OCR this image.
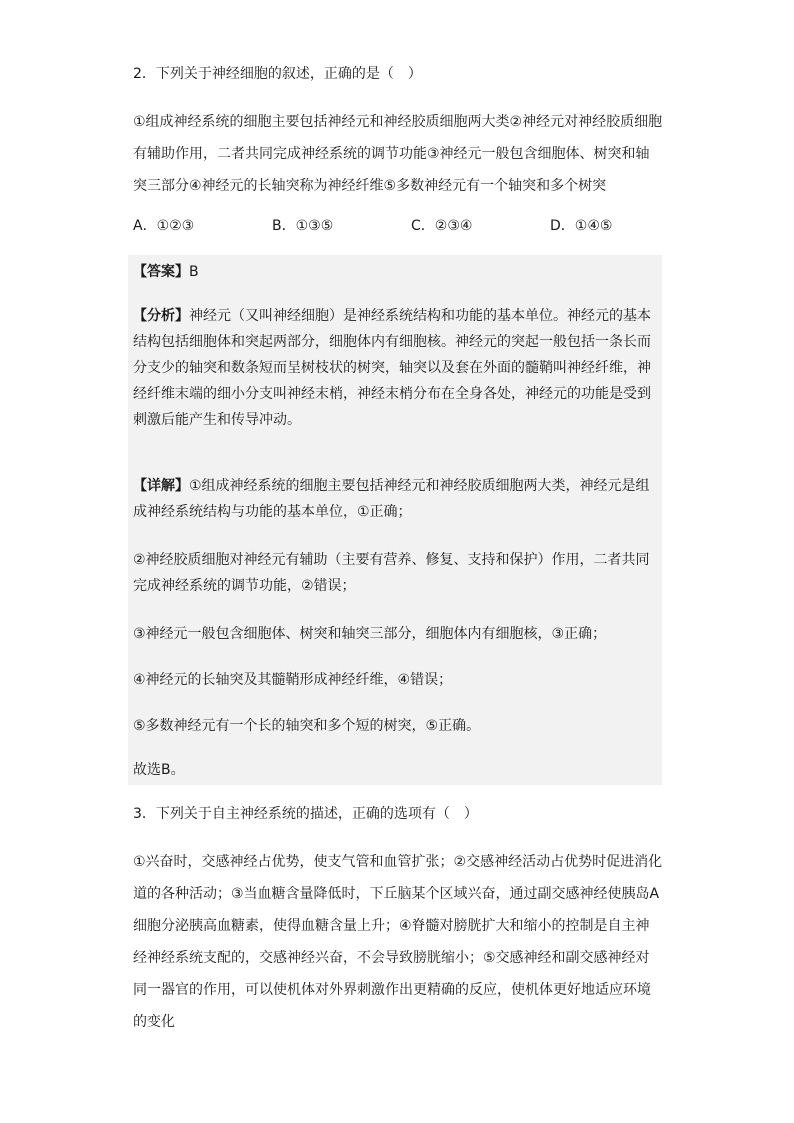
2．下列关于神经细胞的叙述，正确的是（　）
①组成神经系统的细胞主要包括神经元和神经胶质细胞两大类②神经元对神经胶质细胞有辅助作用，二者共同完成神经系统的调节功能③神经元一般包含细胞体、树突和轴突三部分④神经元的长轴突称为神经纤维⑤多数神经元有一个轴突和多个树突
A．①②③	B．①③⑤	C．②③④	D．①④⑤
【答案】B
【分析】神经元（又叫神经细胞）是神经系统结构和功能的基本单位。神经元的基本结构包括细胞体和突起两部分，细胞体内有细胞核。神经元的突起一般包括一条长而分支少的轴突和数条短而呈树枝状的树突，轴突以及套在外面的髓鞘叫神经纤维，神经纤维末端的细小分支叫神经末梢，神经末梢分布在全身各处，神经元的功能是受到刺激后能产生和传导冲动。
【详解】①组成神经系统的细胞主要包括神经元和神经胶质细胞两大类，神经元是组成神经系统结构与功能的基本单位，①正确；
②神经胶质细胞对神经元有辅助（主要有营养、修复、支持和保护）作用，二者共同完成神经系统的调节功能，②错误；
③神经元一般包含细胞体、树突和轴突三部分，细胞体内有细胞核，③正确；
④神经元的长轴突及其髓鞘形成神经纤维，④错误；
⑤多数神经元有一个长的轴突和多个短的树突，⑤正确。
故选B。
3．下列关于自主神经系统的描述，正确的选项有（　）
①兴奋时，交感神经占优势，使支气管和血管扩张；②交感神经活动占优势时促进消化道的各种活动；③当血糖含量降低时，下丘脑某个区域兴奋，通过副交感神经使胰岛A细胞分泌胰高血糖素，使得血糖含量上升；④脊髓对膀胱扩大和缩小的控制是自主神经神经系统支配的，交感神经兴奋，不会导致膀胱缩小；⑤交感神经和副交感神经对同一器官的作用，可以使机体对外界刺激作出更精确的反应，使机体更好地适应环境的变化
